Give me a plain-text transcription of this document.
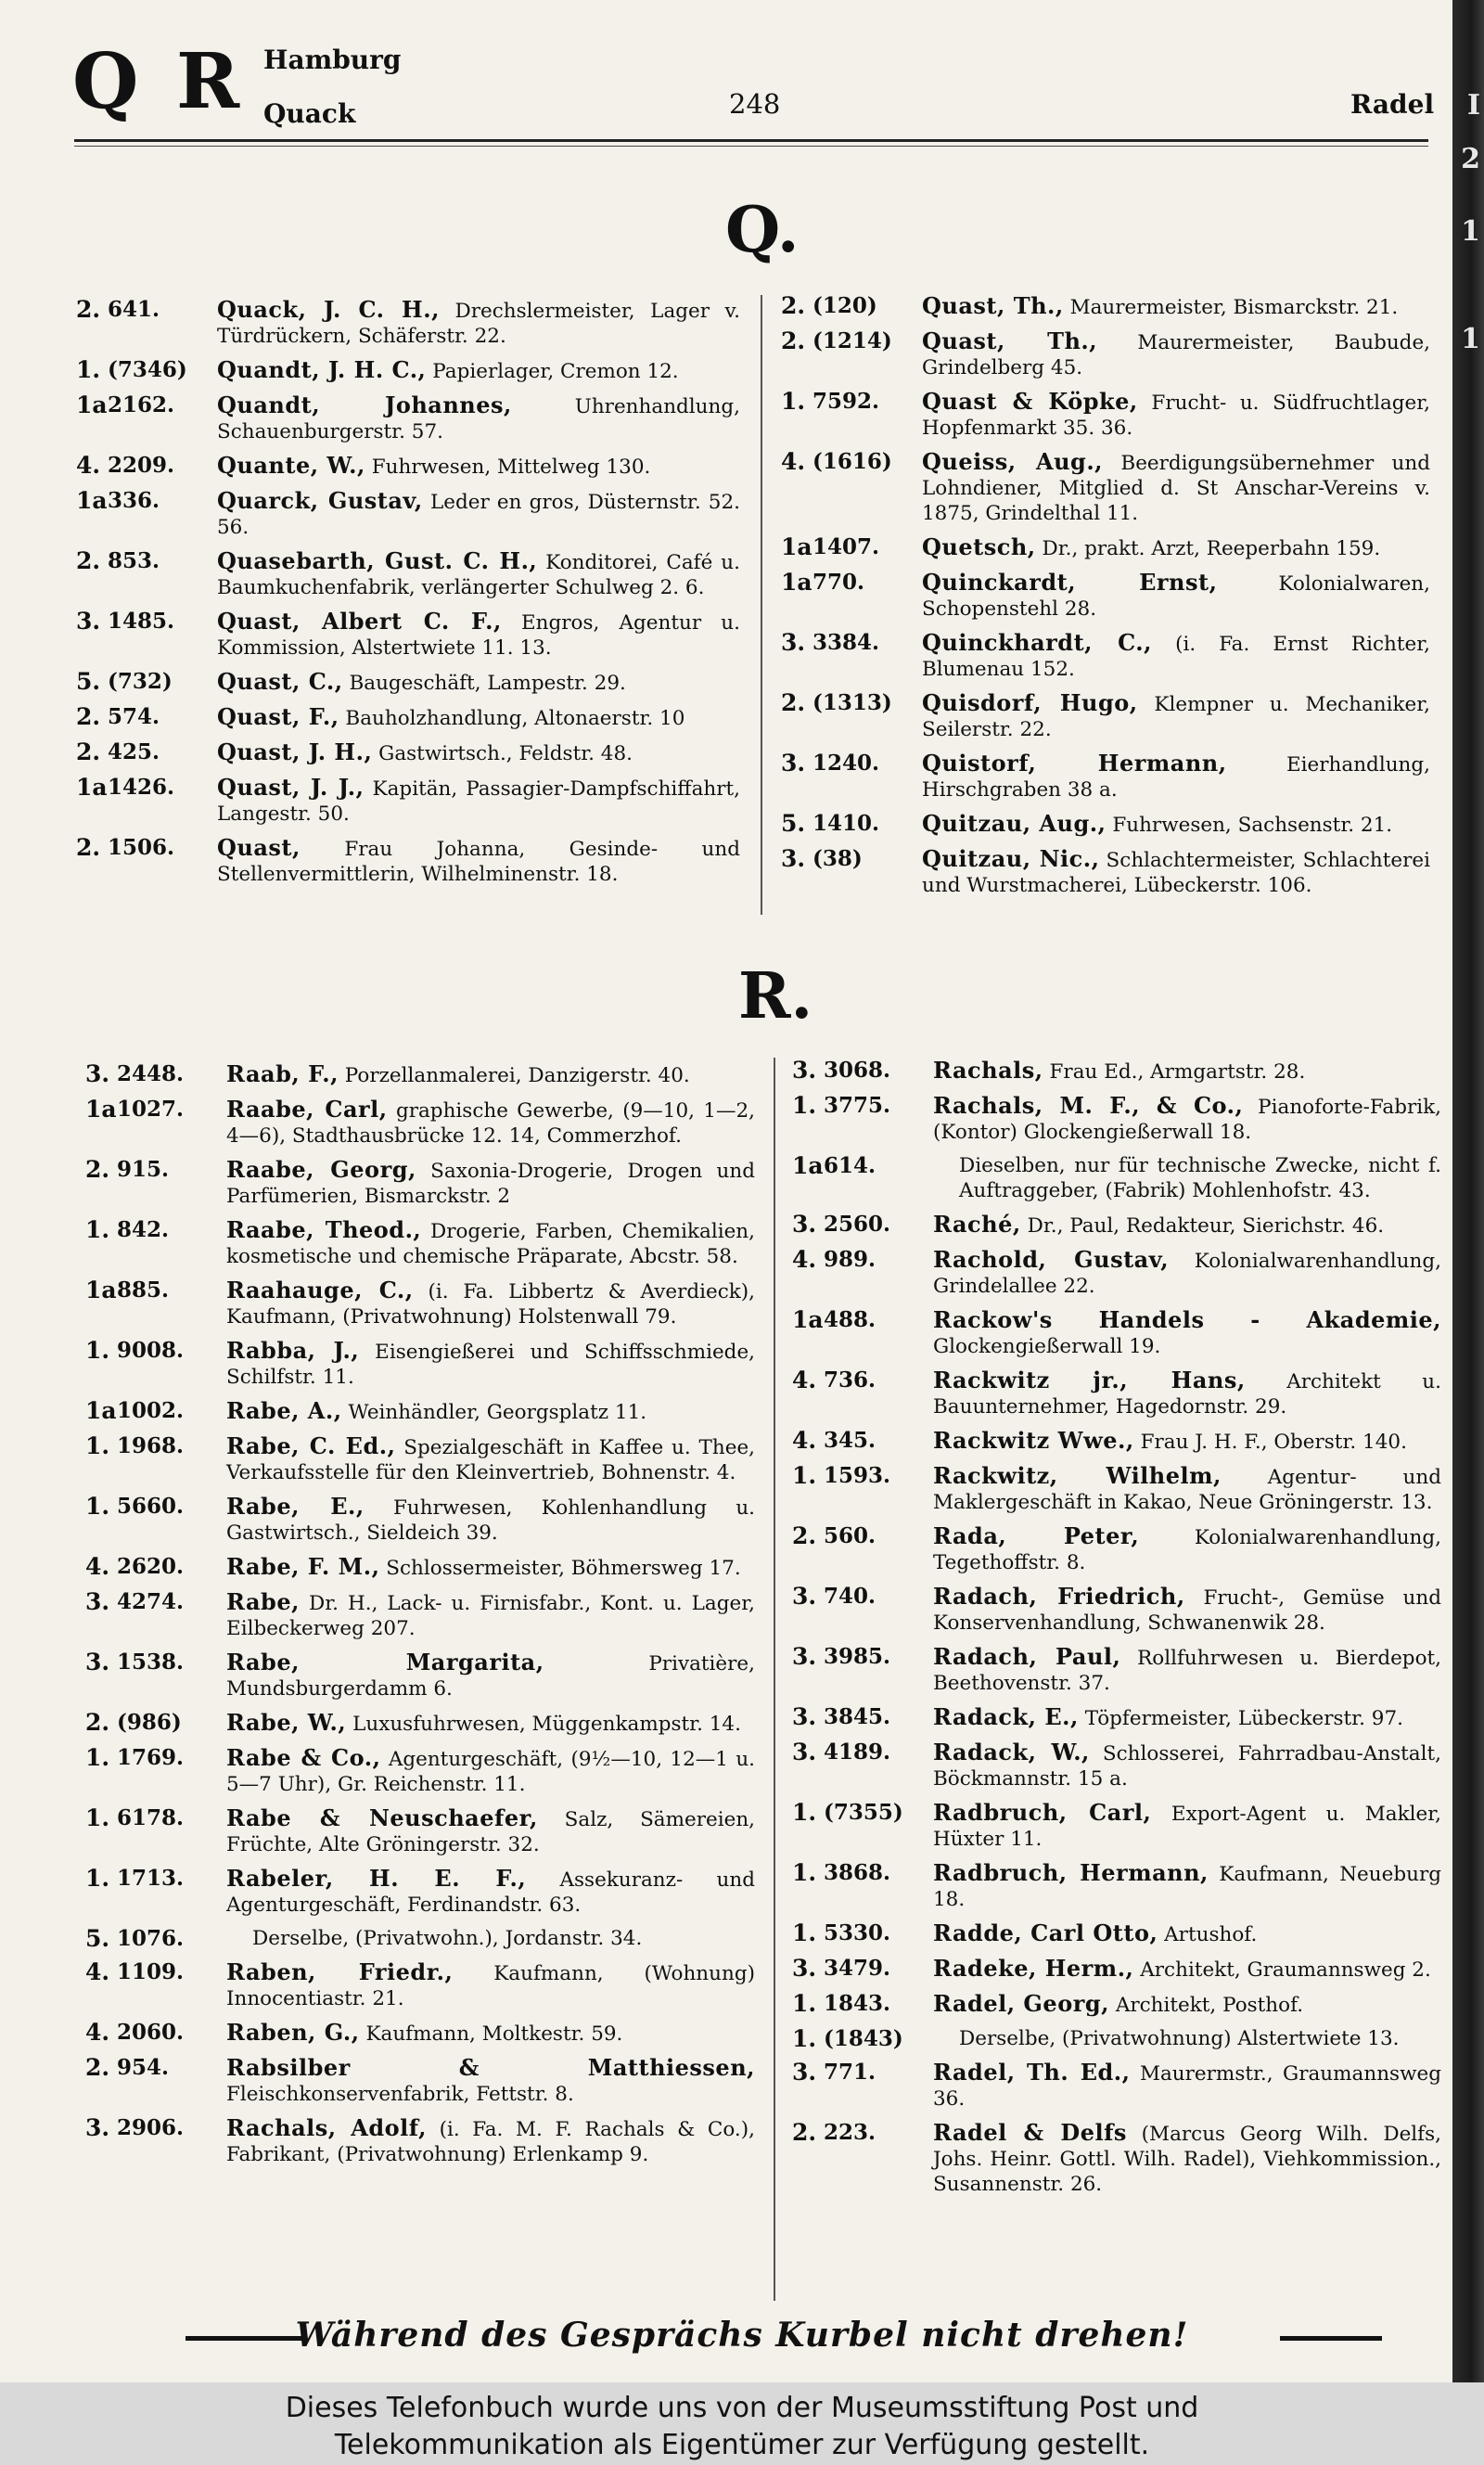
Q R Hamburg
Quack	248	Radel
Q.
2. 641.	Quack, J. C. H., Drechslermeister, Lager v. Türdrückern, Schäferstr. 22.
1. (7346)	Quandt, J. H. C., Papierlager, Cremon 12.
1a 2162.	Quandt, Johannes,	Uhrenhandlung, Schauenburgerstr. 57.
4. 2209.	Quante, W., Fuhrwesen, Mittelweg 130.
1a 336.	Quarck, Gustav, Leder en gros, Düsternstr. 52. 56.
2. 853.	Quasebarth, Gust. C. H., Konditorei, Café u. Baumkuchenfabrik, verlängerter Schulweg 2. 6.
3. 1485.	Quast, Albert C. F., Engros, Agentur u. Kommission, Alstertwiete 11. 13.
5. (732)	Quast, C., Baugeschäft, Lampestr. 29.
2. 574.	Quast, F., Bauholzhandlung, Altonaerstr. 10
2. 425.	Quast, J. H., Gastwirtsch., Feldstr. 48.
1a 1426.	Quast, J. J., Kapitän, Passagier-Dampfschiffahrt, Langestr. 50.
2. 1506.	Quast, Frau Johanna, Gesinde- und Stellenvermittlerin, Wilhelminenstr. 18.
2. (120)	Quast, Th., Maurermeister, Bismarckstr. 21.
2. (1214)	Quast, Th., Maurermeister, Baubude, Grindelberg 45.
1. 7592.	Quast & Köpke, Frucht- u. Südfruchtlager, Hopfenmarkt 35. 36.
4. (1616)	Queiss, Aug., Beerdigungsübernehmer und Lohndiener, Mitglied d. St Anschar-Vereins v. 1875, Grindelthal 11.
1a 1407.	Quetsch, Dr., prakt. Arzt, Reeperbahn 159.
1a 770.	Quinckardt, Ernst,	Kolonialwaren, Schopenstehl 28.
3. 3384.	Quinckhardt, C., (i. Fa. Ernst Richter, Blumenau 152.
2. (1313)	Quisdorf, Hugo, Klempner u. Mechaniker, Seilerstr. 22.
3. 1240.	Quistorf, Hermann,	Eierhandlung, Hirschgraben 38 a.
5. 1410.	Quitzau, Aug., Fuhrwesen, Sachsenstr. 21.
3. (38)	Quitzau, Nic., Schlachtermeister, Schlachterei und Wurstmacherei, Lübeckerstr. 106.
R.
3. 2448.	Raab, F., Porzellanmalerei, Danzigerstr. 40.
1a 1027.	Raabe, Carl, graphische Gewerbe, (9—10, 1—2, 4—6), Stadthausbrücke 12. 14, Commerzhof.
2. 915.	Raabe, Georg, Saxonia-Drogerie, Drogen und Parfümerien, Bismarckstr. 2
1. 842.	Raabe, Theod., Drogerie, Farben, Chemikalien, kosmetische und chemische Präparate, Abcstr. 58.
1a 885.	Raahauge, C., (i. Fa. Libbertz & Averdieck), Kaufmann, (Privatwohnung) Holstenwall 79.
1. 9008.	Rabba, J., Eisengießerei und Schiffsschmiede, Schilfstr. 11.
1a 1002.	Rabe, A., Weinhändler, Georgsplatz 11.
1. 1968.	Rabe, C. Ed., Spezialgeschäft in Kaffee u. Thee, Verkaufsstelle für den Kleinvertrieb, Bohnenstr. 4.
1. 5660.	Rabe, E., Fuhrwesen, Kohlenhandlung u. Gastwirtsch., Sieldeich 39.
4. 2620.	Rabe, F. M., Schlossermeister, Böhmersweg 17.
3. 4274.	Rabe, Dr. H., Lack- u. Firnisfabr., Kont. u. Lager, Eilbeckerweg 207.
3. 1538.	Rabe, Margarita,	Privatière, Mundsburgerdamm 6.
2. (986)	Rabe, W., Luxusfuhrwesen, Müggenkampstr. 14.
1. 1769.	Rabe & Co., Agenturgeschäft, (9½—10, 12—1 u. 5—7 Uhr), Gr. Reichenstr. 11.
1. 6178.	Rabe & Neuschaefer, Salz, Sämereien, Früchte, Alte Gröningerstr. 32.
1. 1713.	Rabeler, H. E. F., Assekuranz- und Agenturgeschäft, Ferdinandstr. 63.
5. 1076.	Derselbe, (Privatwohn.), Jordanstr. 34.
4. 1109.	Raben, Friedr., Kaufmann, (Wohnung) Innocentiastr. 21.
4. 2060.	Raben, G., Kaufmann, Moltkestr. 59.
2. 954.	Rabsilber & Matthiessen, Fleischkonservenfabrik, Fettstr. 8.
3. 2906.	Rachals, Adolf, (i. Fa. M. F. Rachals & Co.), Fabrikant, (Privatwohnung) Erlenkamp 9.
3. 3068.	Rachals, Frau Ed., Armgartstr. 28.
1. 3775.	Rachals, M. F., & Co., Pianoforte-Fabrik, (Kontor) Glockengießerwall 18.
1a 614.	Dieselben, nur für technische Zwecke, nicht f. Auftraggeber, (Fabrik) Mohlenhofstr. 43.
3. 2560.	Raché, Dr., Paul, Redakteur, Sierichstr. 46.
4. 989.	Rachold, Gustav, Kolonialwarenhandlung, Grindelallee 22.
1a 488.	Rackow's Handels - Akademie, Glockengießerwall 19.
4. 736.	Rackwitz jr., Hans, Architekt u. Bauunternehmer, Hagedornstr. 29.
4. 345.	Rackwitz Wwe., Frau J. H. F., Oberstr. 140.
1. 1593.	Rackwitz, Wilhelm, Agentur- und Maklergeschäft in Kakao, Neue Gröningerstr. 13.
2. 560.	Rada, Peter,	Kolonialwarenhandlung, Tegethoffstr. 8.
3. 740.	Radach, Friedrich, Frucht-, Gemüse und Konservenhandlung, Schwanenwik 28.
3. 3985.	Radach, Paul, Rollfuhrwesen u. Bierdepot, Beethovenstr. 37.
3. 3845.	Radack, E., Töpfermeister, Lübeckerstr. 97.
3. 4189.	Radack, W., Schlosserei, Fahrradbau-Anstalt, Böckmannstr. 15 a.
1. (7355)	Radbruch, Carl, Export-Agent u. Makler, Hüxter 11.
1. 3868.	Radbruch, Hermann, Kaufmann, Neueburg 18.
1. 5330.	Radde, Carl Otto, Artushof.
3. 3479.	Radeke, Herm., Architekt, Graumannsweg 2.
1. 1843.	Radel, Georg, Architekt, Posthof.
1. (1843)	Derselbe, (Privatwohnung) Alstertwiete 13.
3. 771.	Radel, Th. Ed., Maurermstr., Graumannsweg 36.
2. 223.	Radel & Delfs (Marcus Georg Wilh. Delfs, Johs. Heinr. Gottl. Wilh. Radel), Viehkommission., Susannenstr. 26.
Während des Gesprächs Kurbel nicht drehen!
I
2
1
1
Dieses Telefonbuch wurde uns von der Museumsstiftung Post und
Telekommunikation als Eigentümer zur Verfügung gestellt.
